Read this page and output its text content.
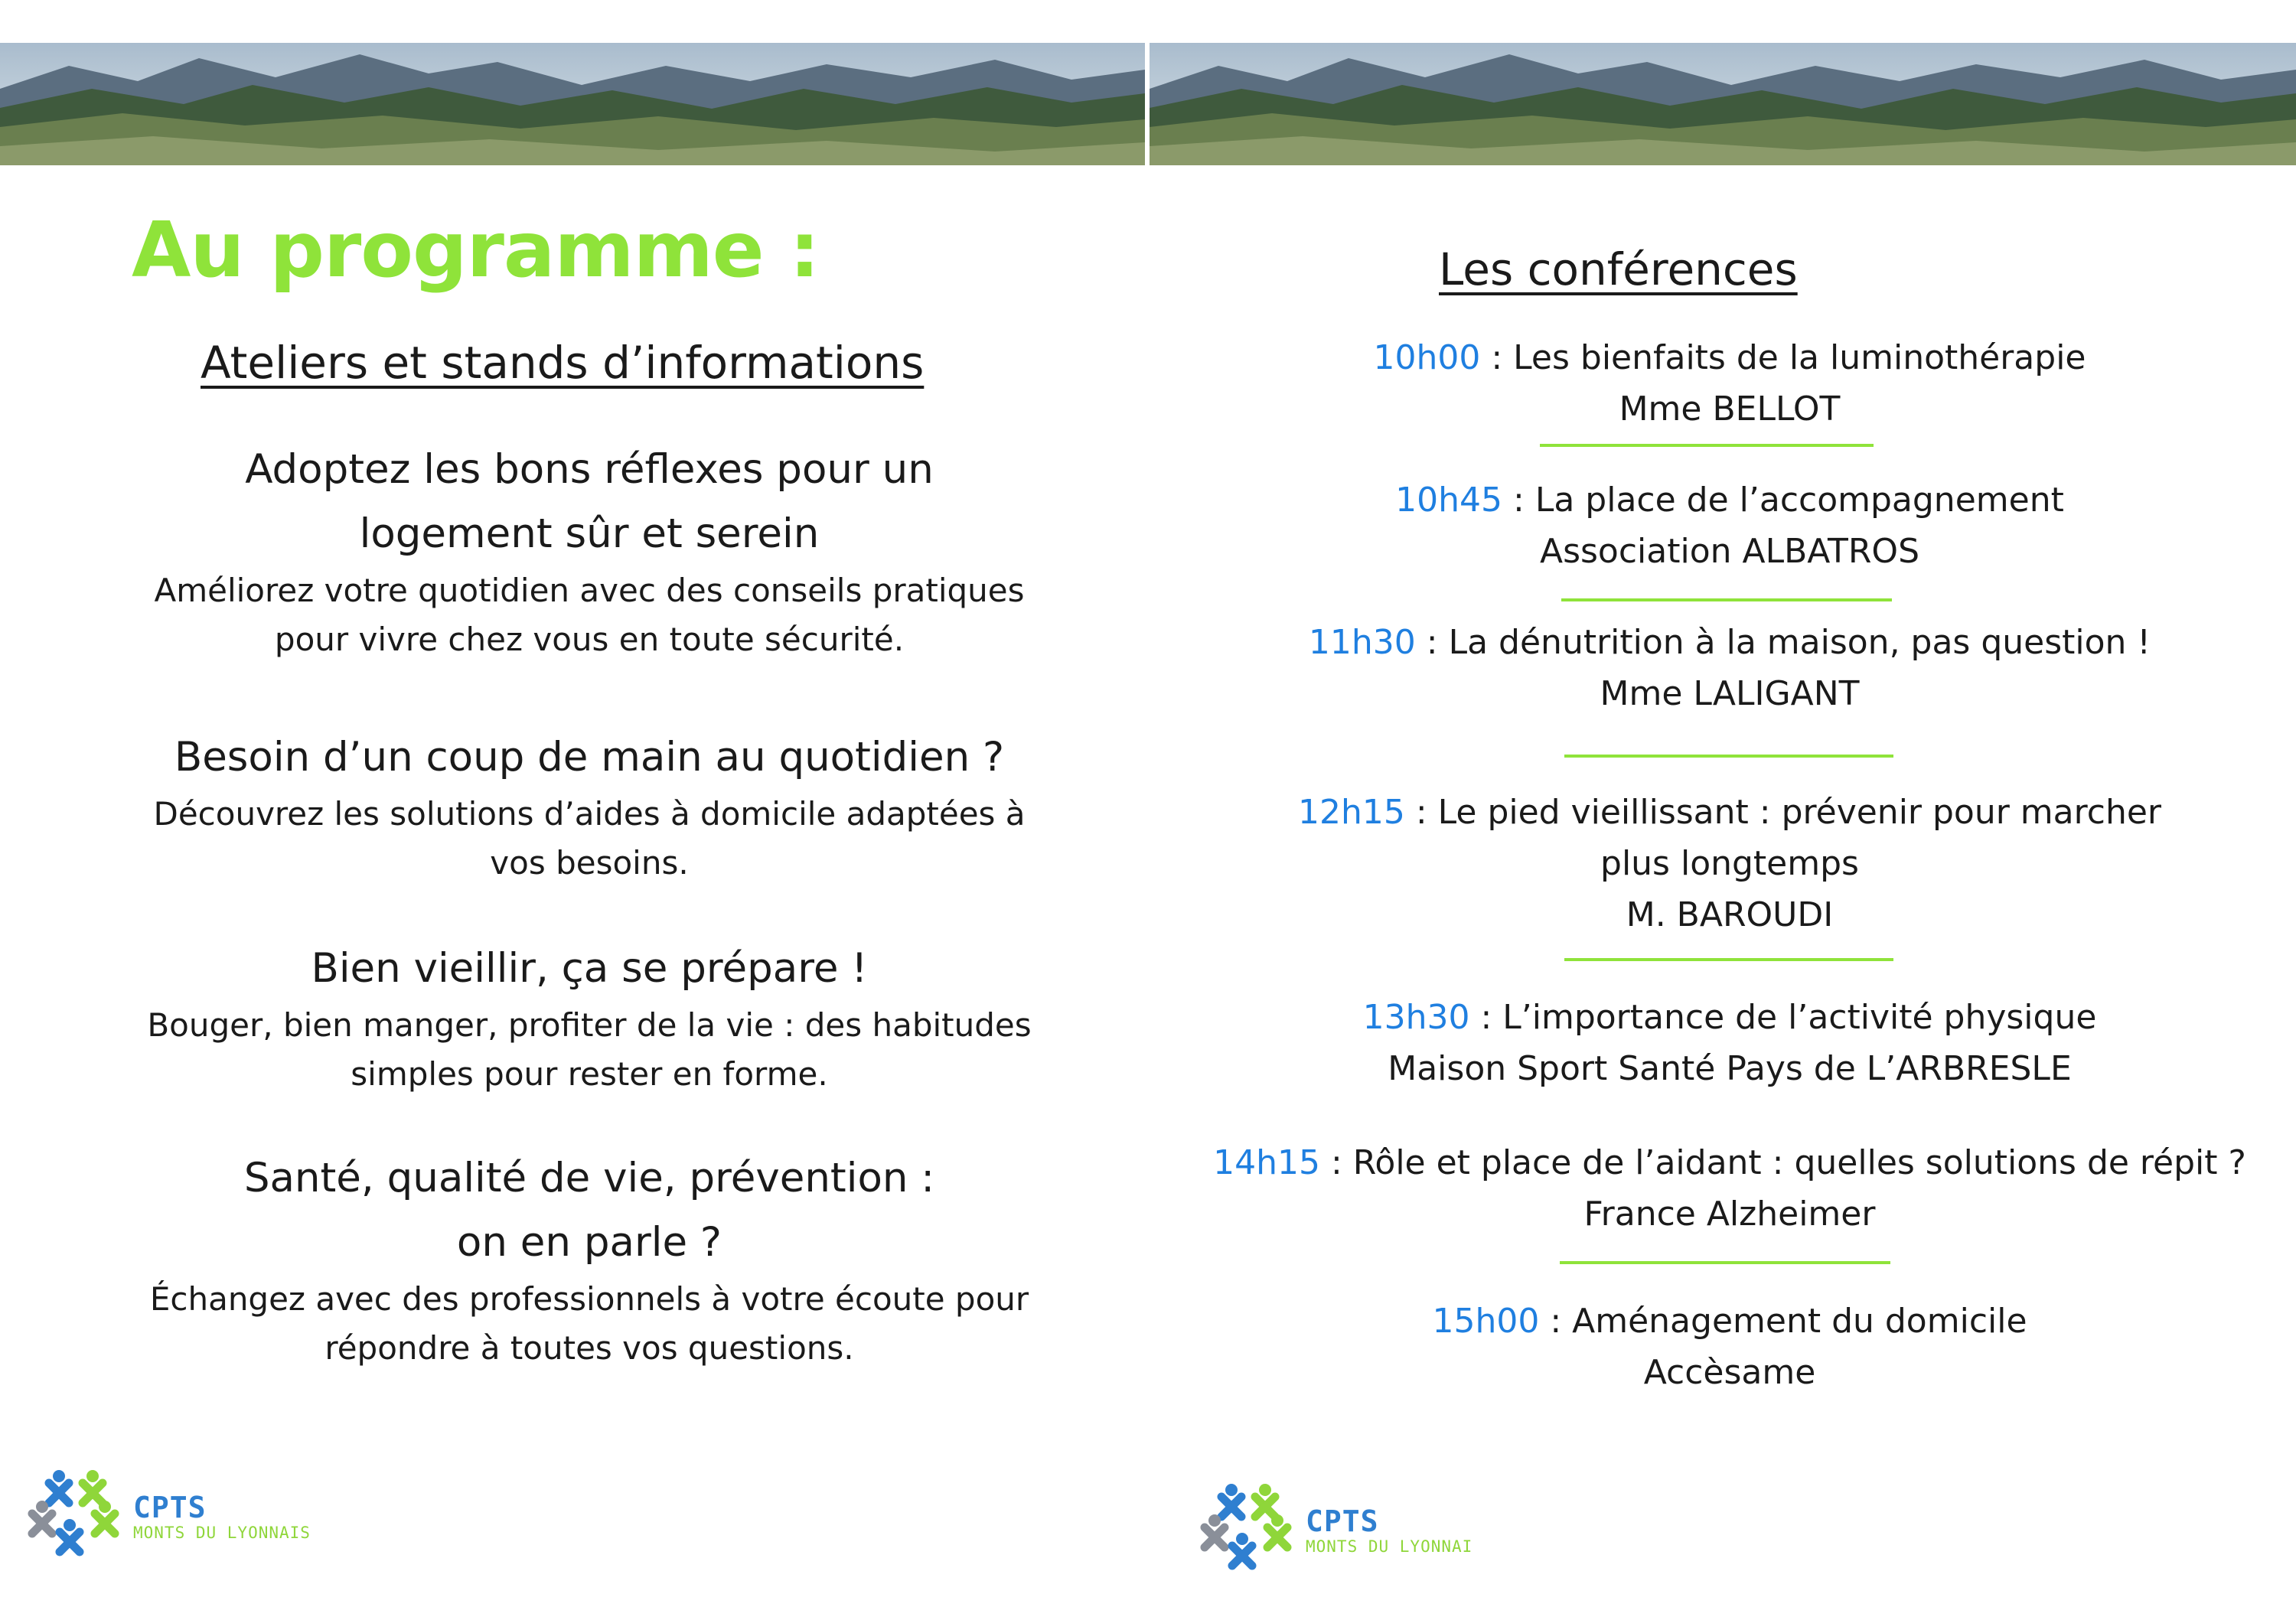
Au programme :
Ateliers et stands d’informations

Adoptez les bons réflexes pour un
logement sûr et serein

Améliorez votre quotidien avec des conseils pratiques
pour vivre chez vous en toute sécurité.

Besoin d’un coup de main au quotidien ?

Découvrez les solutions d’aides à domicile adaptées à
vos besoins.

Bien vieillir, ça se prépare !

Bouger, bien manger, profiter de la vie : des habitudes
simples pour rester en forme.

Santé, qualité de vie, prévention :
on en parle ?

Échangez avec des professionnels à votre écoute pour
répondre à toutes vos questions.

Les conférences
10h00 : Les bienfaits de la luminothérapie
Mme BELLOT
10h45 : La place de l’accompagnement
Association ALBATROS
11h30 : La dénutrition à la maison, pas question !
Mme LALIGANT
12h15 : Le pied vieillissant : prévenir pour marcher
plus longtemps
M. BAROUDI
13h30 : L’importance de l’activité physique
Maison Sport Santé Pays de L’ARBRESLE
14h15 : Rôle et place de l’aidant : quelles solutions de répit ?
France Alzheimer
15h00 : Aménagement du domicile
Accèsame
CPTS
MONTS DU LYONNAIS	CPTS
MONTS DU LYONNAI
